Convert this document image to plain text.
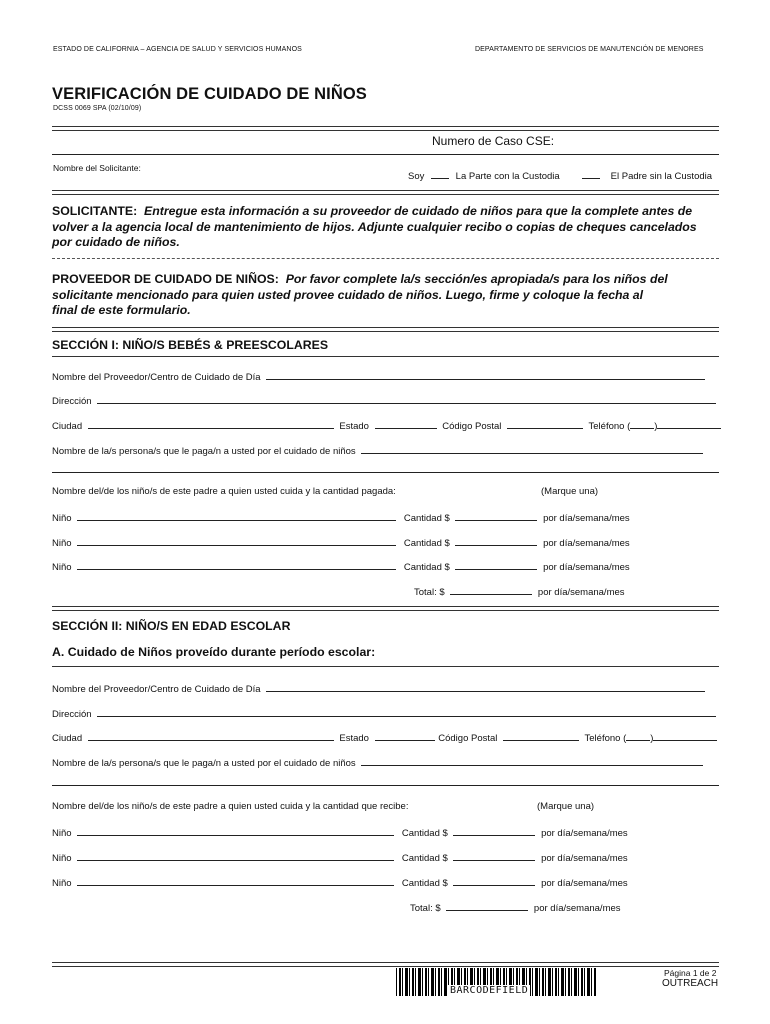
ESTADO DE CALIFORNIA – AGENCIA DE SALUD Y SERVICIOS HUMANOS	DEPARTAMENTO DE SERVICIOS DE MANUTENCIÓN DE MENORES
VERIFICACIÓN DE CUIDADO DE NIÑOS
DCSS 0069 SPA (02/10/09)
Numero de Caso CSE:
Nombre del Solicitante:
Soy	La Parte con la Custodia	El Padre sin la Custodia
SOLICITANTE: Entregue esta información a su proveedor de cuidado de niños para que la complete antes de
volver a la agencia local de mantenimiento de hijos. Adjunte cualquier recibo o copias de cheques cancelados
por cuidado de niños.
PROVEEDOR DE CUIDADO DE NIÑOS: Por favor complete la/s sección/es apropiada/s para los niños del
solicitante mencionado para quien usted provee cuidado de niños. Luego, firme y coloque la fecha al
final de este formulario.
SECCIÓN I: NIÑO/S BEBÉS & PREESCOLARES
Nombre del Proveedor/Centro de Cuidado de Día
Dirección
Ciudad	Estado	Código Postal	Teléfono (	)
Nombre de la/s persona/s que le paga/n a usted por el cuidado de niños
Nombre del/de los niño/s de este padre a quien usted cuida y la cantidad pagada:	(Marque una)
Niño	Cantidad $	por día/semana/mes
Niño	Cantidad $	por día/semana/mes
Niño	Cantidad $	por día/semana/mes
Total: $	por día/semana/mes
SECCIÓN II: NIÑO/S EN EDAD ESCOLAR
A. Cuidado de Niños proveído durante período escolar:
Nombre del Proveedor/Centro de Cuidado de Día
Dirección
Ciudad	Estado	Código Postal	Teléfono (	)
Nombre de la/s persona/s que le paga/n a usted por el cuidado de niños
Nombre del/de los niño/s de este padre a quien usted cuida y la cantidad que recibe:	(Marque una)
Niño	Cantidad $	por día/semana/mes
Niño	Cantidad $	por día/semana/mes
Niño	Cantidad $	por día/semana/mes
Total: $	por día/semana/mes
BARCODEFIELD
Página 1 de 2
OUTREACH
